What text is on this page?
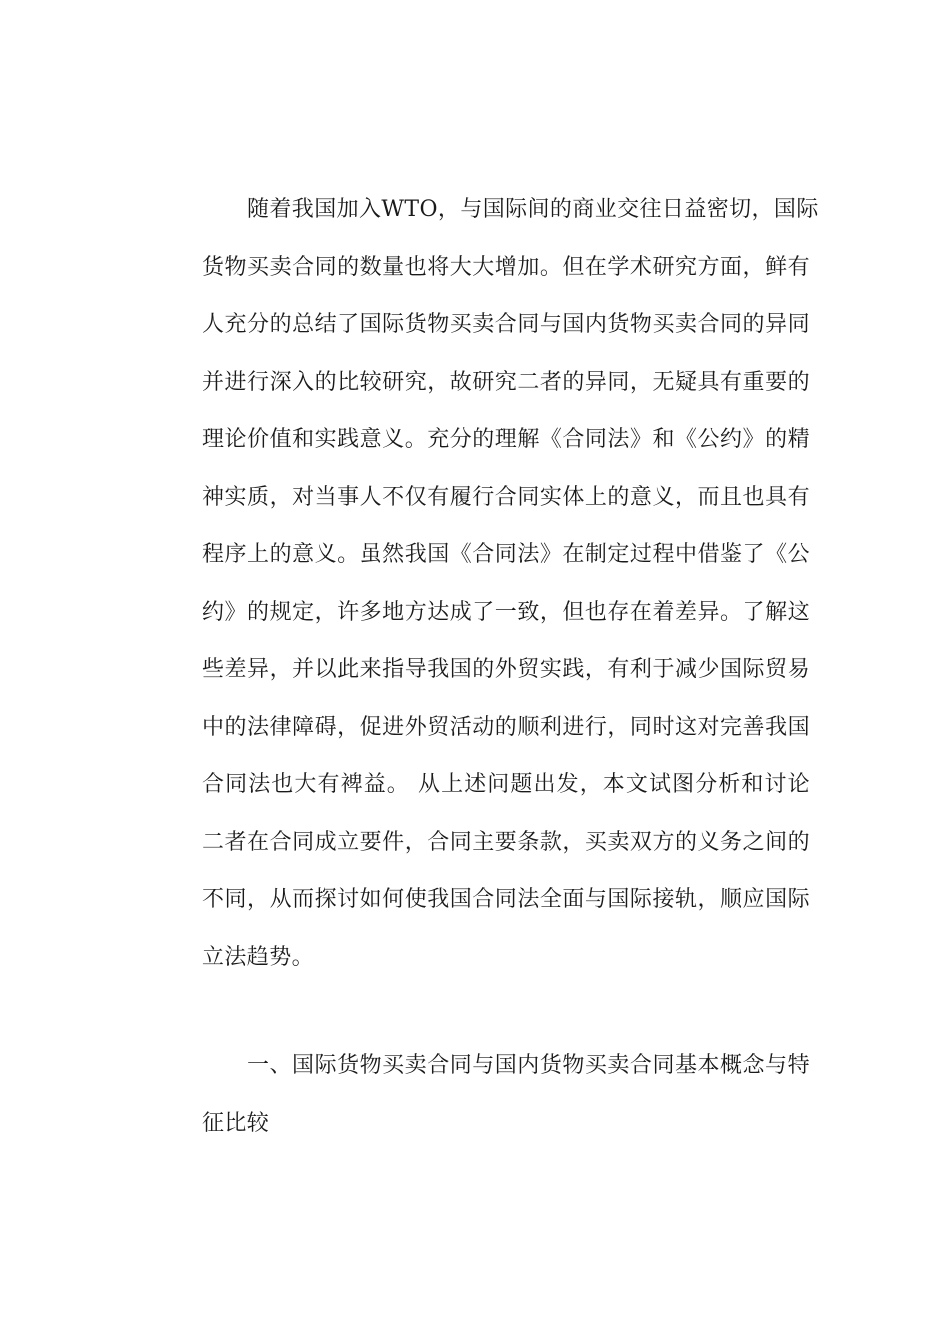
随着我国加入WTO，与国际间的商业交往日益密切，国际
货物买卖合同的数量也将大大增加。但在学术研究方面，鲜有
人充分的总结了国际货物买卖合同与国内货物买卖合同的异同
并进行深入的比较研究，故研究二者的异同，无疑具有重要的
理论价值和实践意义。充分的理解《合同法》和《公约》的精
神实质，对当事人不仅有履行合同实体上的意义，而且也具有
程序上的意义。虽然我国《合同法》在制定过程中借鉴了《公
约》的规定，许多地方达成了一致，但也存在着差异。了解这
些差异，并以此来指导我国的外贸实践，有利于减少国际贸易
中的法律障碍，促进外贸活动的顺利进行，同时这对完善我国
合同法也大有裨益。 从上述问题出发，本文试图分析和讨论
二者在合同成立要件，合同主要条款，买卖双方的义务之间的
不同，从而探讨如何使我国合同法全面与国际接轨，顺应国际
立法趋势。
一、国际货物买卖合同与国内货物买卖合同基本概念与特
征比较
